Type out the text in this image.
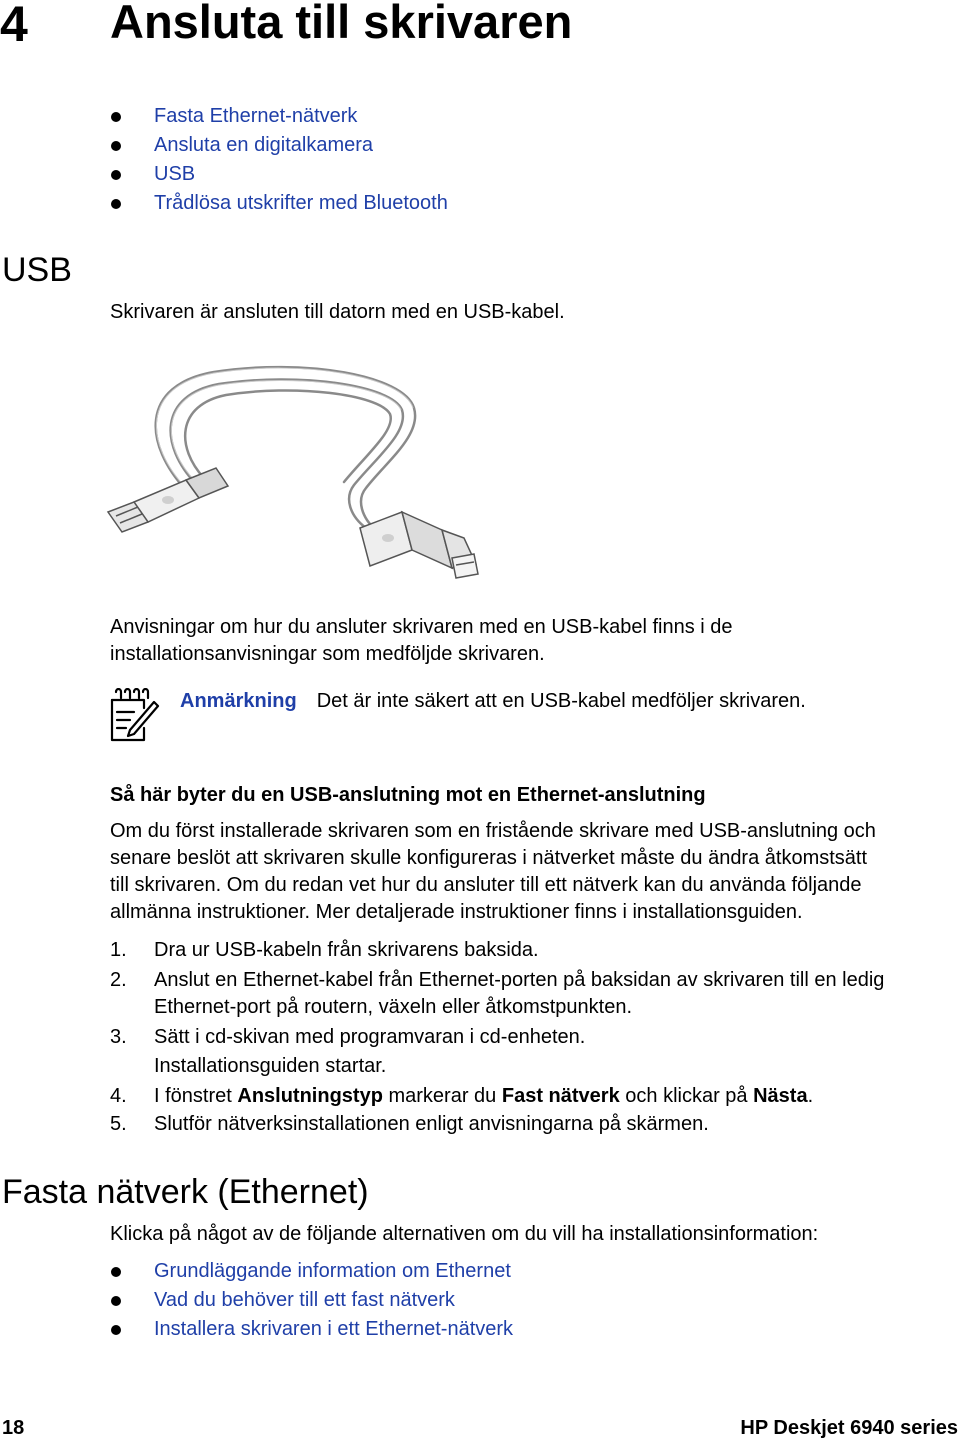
4 Ansluta till skrivaren
Fasta Ethernet-nätverk
Ansluta en digitalkamera
USB
Trådlösa utskrifter med Bluetooth
USB
Skrivaren är ansluten till datorn med en USB-kabel.
Anvisningar om hur du ansluter skrivaren med en USB-kabel finns i de
installationsanvisningar som medföljde skrivaren.
Anmärkning Det är inte säkert att en USB-kabel medföljer skrivaren.
Så här byter du en USB-anslutning mot en Ethernet-anslutning
Om du först installerade skrivaren som en fristående skrivare med USB-anslutning och
senare beslöt att skrivaren skulle konfigureras i nätverket måste du ändra åtkomstsätt
till skrivaren. Om du redan vet hur du ansluter till ett nätverk kan du använda följande
allmänna instruktioner. Mer detaljerade instruktioner finns i installationsguiden.
1. Dra ur USB-kabeln från skrivarens baksida.
2. Anslut en Ethernet-kabel från Ethernet-porten på baksidan av skrivaren till en ledig
Ethernet-port på routern, växeln eller åtkomstpunkten.
3. Sätt i cd-skivan med programvaran i cd-enheten.
Installationsguiden startar.
4. I fönstret Anslutningstyp markerar du Fast nätverk och klickar på Nästa.
5. Slutför nätverksinstallationen enligt anvisningarna på skärmen.
Fasta nätverk (Ethernet)
Klicka på något av de följande alternativen om du vill ha installationsinformation:
Grundläggande information om Ethernet
Vad du behöver till ett fast nätverk
Installera skrivaren i ett Ethernet-nätverk
18	HP Deskjet 6940 series
